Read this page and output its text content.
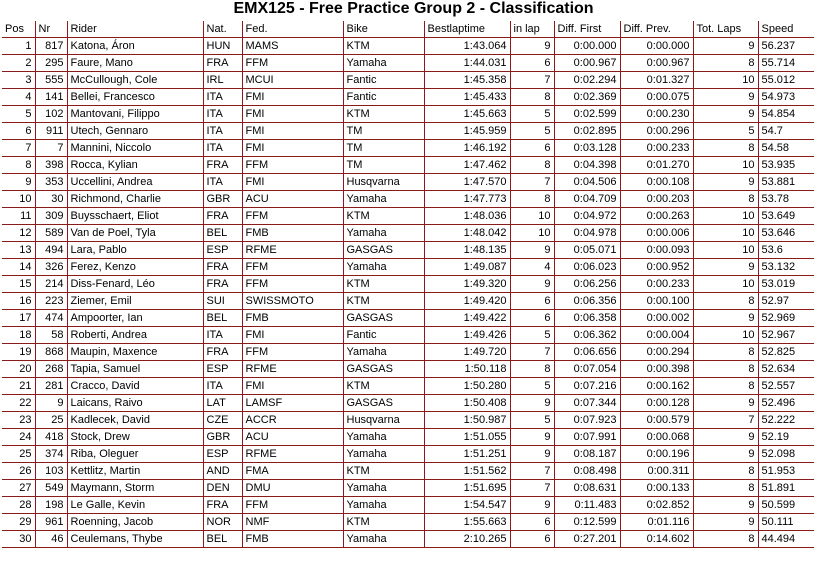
EMX125 - Free Practice Group 2 - Classification
Pos	Nr	Rider	Nat.	Fed.	Bike	Bestlaptime	in lap	Diff. First	Diff. Prev.	Tot. Laps	Speed
1	817	Katona, Áron	HUN	MAMS	KTM	1:43.064	9	0:00.000	0:00.000	9	56.237
2	295	Faure, Mano	FRA	FFM	Yamaha	1:44.031	6	0:00.967	0:00.967	8	55.714
3	555	McCullough, Cole	IRL	MCUI	Fantic	1:45.358	7	0:02.294	0:01.327	10	55.012
4	141	Bellei, Francesco	ITA	FMI	Fantic	1:45.433	8	0:02.369	0:00.075	9	54.973
5	102	Mantovani, Filippo	ITA	FMI	KTM	1:45.663	5	0:02.599	0:00.230	9	54.854
6	911	Utech, Gennaro	ITA	FMI	TM	1:45.959	5	0:02.895	0:00.296	5	54.7
7	7	Mannini, Niccolo	ITA	FMI	TM	1:46.192	6	0:03.128	0:00.233	8	54.58
8	398	Rocca, Kylian	FRA	FFM	TM	1:47.462	8	0:04.398	0:01.270	10	53.935
9	353	Uccellini, Andrea	ITA	FMI	Husqvarna	1:47.570	7	0:04.506	0:00.108	9	53.881
10	30	Richmond, Charlie	GBR	ACU	Yamaha	1:47.773	8	0:04.709	0:00.203	8	53.78
11	309	Buysschaert, Eliot	FRA	FFM	KTM	1:48.036	10	0:04.972	0:00.263	10	53.649
12	589	Van de Poel, Tyla	BEL	FMB	Yamaha	1:48.042	10	0:04.978	0:00.006	10	53.646
13	494	Lara, Pablo	ESP	RFME	GASGAS	1:48.135	9	0:05.071	0:00.093	10	53.6
14	326	Ferez, Kenzo	FRA	FFM	Yamaha	1:49.087	4	0:06.023	0:00.952	9	53.132
15	214	Diss-Fenard, Léo	FRA	FFM	KTM	1:49.320	9	0:06.256	0:00.233	10	53.019
16	223	Ziemer, Emil	SUI	SWISSMOTO	KTM	1:49.420	6	0:06.356	0:00.100	8	52.97
17	474	Ampoorter, Ian	BEL	FMB	GASGAS	1:49.422	6	0:06.358	0:00.002	9	52.969
18	58	Roberti, Andrea	ITA	FMI	Fantic	1:49.426	5	0:06.362	0:00.004	10	52.967
19	868	Maupin, Maxence	FRA	FFM	Yamaha	1:49.720	7	0:06.656	0:00.294	8	52.825
20	268	Tapia, Samuel	ESP	RFME	GASGAS	1:50.118	8	0:07.054	0:00.398	8	52.634
21	281	Cracco, David	ITA	FMI	KTM	1:50.280	5	0:07.216	0:00.162	8	52.557
22	9	Laicans, Raivo	LAT	LAMSF	GASGAS	1:50.408	9	0:07.344	0:00.128	9	52.496
23	25	Kadlecek, David	CZE	ACCR	Husqvarna	1:50.987	5	0:07.923	0:00.579	7	52.222
24	418	Stock, Drew	GBR	ACU	Yamaha	1:51.055	9	0:07.991	0:00.068	9	52.19
25	374	Riba, Oleguer	ESP	RFME	Yamaha	1:51.251	9	0:08.187	0:00.196	9	52.098
26	103	Kettlitz, Martin	AND	FMA	KTM	1:51.562	7	0:08.498	0:00.311	8	51.953
27	549	Maymann, Storm	DEN	DMU	Yamaha	1:51.695	7	0:08.631	0:00.133	8	51.891
28	198	Le Galle, Kevin	FRA	FFM	Yamaha	1:54.547	9	0:11.483	0:02.852	9	50.599
29	961	Roenning, Jacob	NOR	NMF	KTM	1:55.663	6	0:12.599	0:01.116	9	50.111
30	46	Ceulemans, Thybe	BEL	FMB	Yamaha	2:10.265	6	0:27.201	0:14.602	8	44.494
